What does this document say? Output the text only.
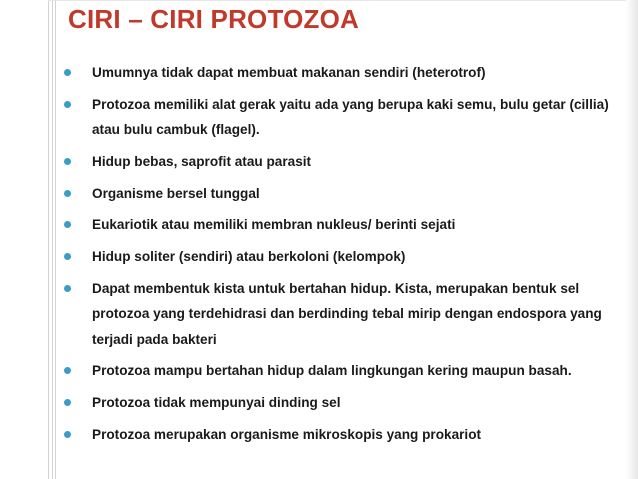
CIRI – CIRI PROTOZOA
Umumnya tidak dapat membuat makanan sendiri (heterotrof)
Protozoa memiliki alat gerak yaitu ada yang berupa kaki semu, bulu getar (cillia) atau bulu cambuk (flagel).
Hidup bebas, saprofit atau parasit
Organisme bersel tunggal
Eukariotik atau memiliki membran nukleus/ berinti sejati
Hidup soliter (sendiri) atau berkoloni (kelompok)
Dapat membentuk kista untuk bertahan hidup. Kista, merupakan bentuk sel protozoa yang terdehidrasi dan berdinding tebal mirip dengan endospora yang terjadi pada bakteri
Protozoa mampu bertahan hidup dalam lingkungan kering maupun basah.
Protozoa tidak mempunyai dinding sel
Protozoa merupakan organisme mikroskopis yang prokariot
